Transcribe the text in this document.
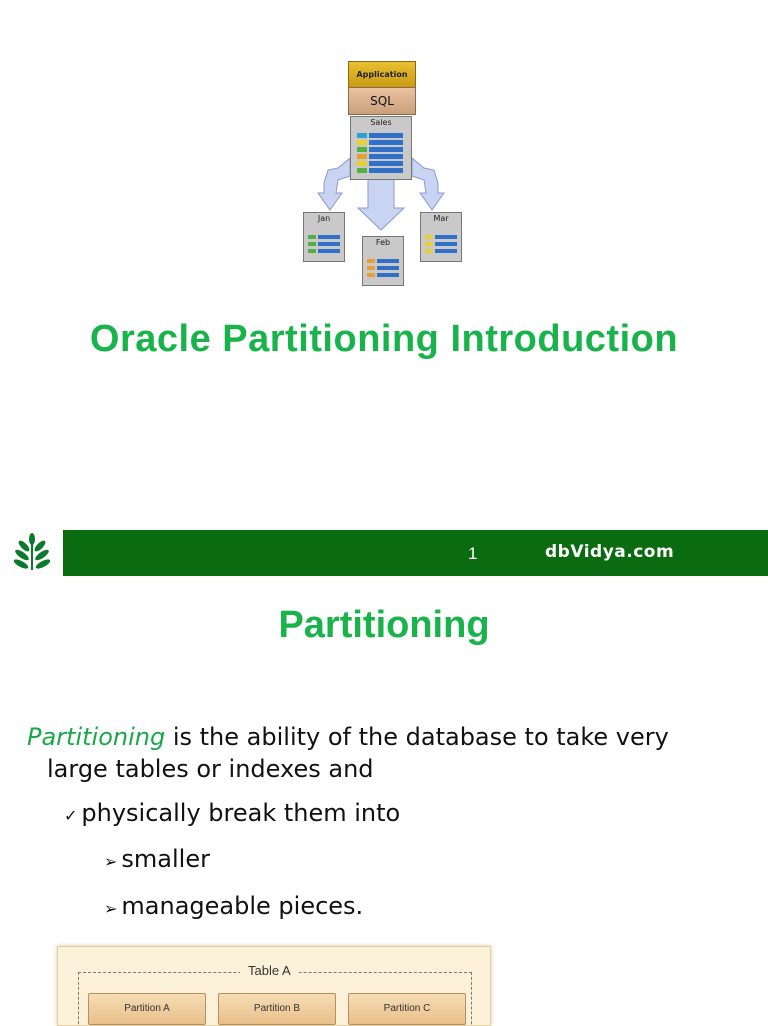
Application
SQL
Sales
Jan
Feb
Mar
Oracle Partitioning Introduction
1	dbVidya.com
Partitioning
Partitioning is the ability of the database to take very
large tables or indexes and
✓ physically break them into
➢ smaller
➢ manageable pieces.
Table A
Partition A	Partition B	Partition C
